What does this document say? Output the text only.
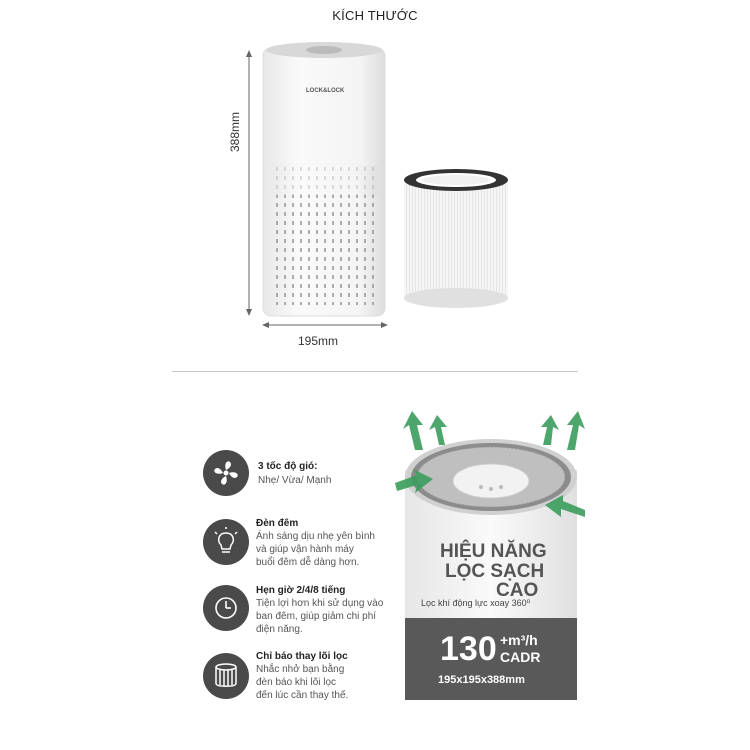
KÍCH THƯỚC
388mm
195mm
LOCK&LOCK
3 tốc độ gió:
Nhẹ/ Vừa/ Mạnh
Đèn đêm
Ánh sáng dịu nhẹ yên bình
và giúp vận hành máy
buổi đêm dễ dàng hơn.
Hẹn giờ 2/4/8 tiếng
Tiện lợi hơn khi sử dụng vào
ban đêm, giúp giảm chi phí
điện năng.
Chỉ báo thay lõi lọc
Nhắc nhở bạn bằng
đèn báo khi lõi lọc
đến lúc cần thay thế.
HIỆU NĂNG
LỌC SẠCH
CAO
Lọc khí động lực xoay 360⁰
130 +m³/h
CADR
195x195x388mm
